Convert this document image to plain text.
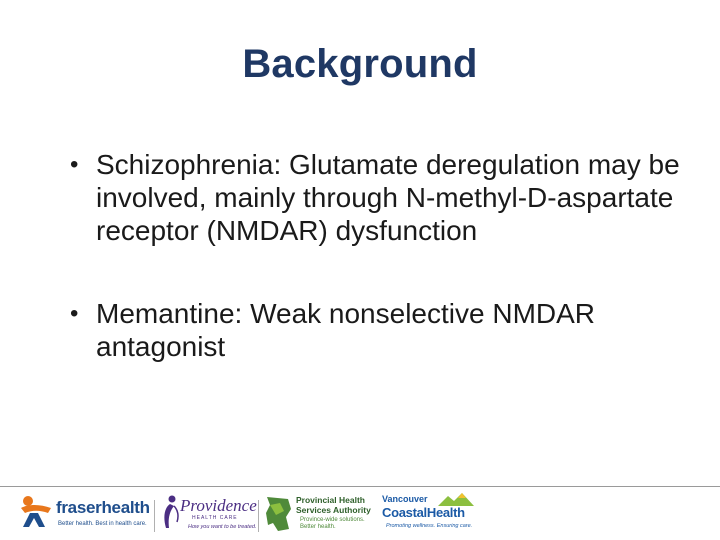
Background
• Schizophrenia: Glutamate deregulation may be involved, mainly through N-methyl-D-aspartate receptor (NMDAR) dysfunction
• Memantine: Weak nonselective NMDAR antagonist
fraserhealth
Better health. Best in health care.
Providence
HEALTH CARE
How you want to be treated.
Provincial Health
Services Authority
Province-wide solutions.
Better health.
Vancouver
CoastalHealth
Promoting wellness. Ensuring care.
